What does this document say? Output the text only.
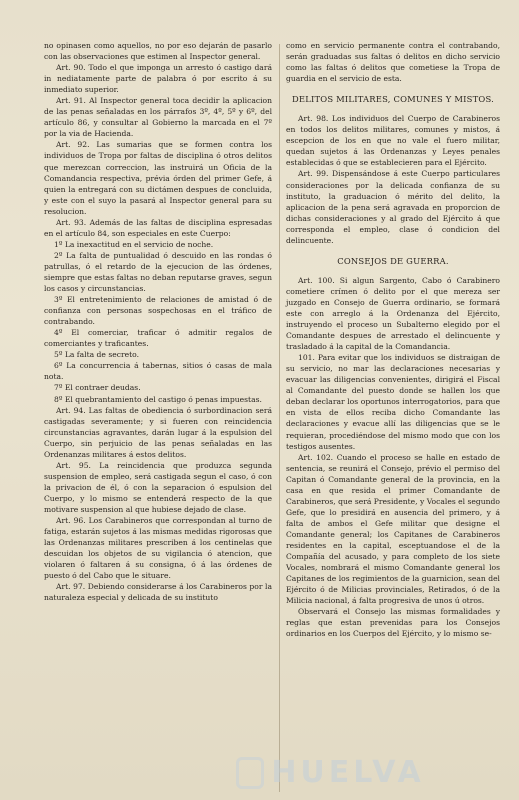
no opinasen como aquellos, no por eso dejarán de pasarlo con las observaciones que estimen al Inspector general.

Art. 90. Todo el que imponga un arresto ó castigo dará in nediatamente parte de palabra ó por escrito á su inmediato superior.

Art. 91. Al Inspector general toca decidir la aplicacion de las penas señaladas en los párrafos 3º, 4º, 5º y 6º, del artículo 86, y consultar al Gobierno la marcada en el 7º por la via de Hacienda.

Art. 92. Las sumarias que se formen contra los individuos de Tropa por faltas de disciplina ó otros delitos que merezcan correccion, las instruirá un Oficia de la Comandancia respectiva, prévia órden del primer Gefe, á quien la entregará con su dictámen despues de concluida, y este con el suyo la pasará al Inspector general para su resolucion.

Art. 93. Además de las faltas de disciplina espresadas en el artículo 84, son especiales en este Cuerpo:

1º La inexactitud en el servicio de noche.

2º La falta de puntualidad ó descuido en las rondas ó patrullas, ó el retardo de la ejecucion de las órdenes, siempre que estas faltas no deban reputarse graves, segun los casos y circunstancias.

3º El entretenimiento de relaciones de amistad ó de confianza con personas sospechosas en el tráfico de contrabando.

4º El comerciar, traficar ó admitir regalos de comerciantes y traficantes.

5º La falta de secreto.

6º La concurrencia á tabernas, sitios ó casas de mala nota.

7º El contraer deudas.

8º El quebrantamiento del castigo ó penas impuestas.

Art. 94. Las faltas de obediencia ó surbordinacion será castigadas severamente; y si fueren con reincidencia circunstancias agravantes, darán lugar á la espulsion del Cuerpo, sin perjuicio de las penas señaladas en las Ordenanzas militares á estos delitos.

Art. 95. La reincidencia que produzca segunda suspension de empleo, será castigada segun el caso, ó con la privacion de él, ó con la separacion ó espulsion del Cuerpo, y lo mismo se entenderá respecto de la que motivare suspension al que hubiese dejado de clase.

Art. 96. Los Carabineros que correspondan al turno de fatiga, estarán sujetos á las mismas medidas rigorosas que las Ordenanzas militares prescriben á los centinelas que descuidan los objetos de su vigilancia ó atencion, que violaren ó faltaren á su consigna, ó á las órdenes de puesto ó del Cabo que le situare.

Art. 97. Debiendo considerarse á los Carabineros por la naturaleza especial y delicada de su instituto

como en servicio permanente contra el contrabando, serán graduadas sus faltas ó delitos en dicho servicio como las faltas ó delitos que cometiese la Tropa de guardia en el servicio de esta.

DELITOS MILITARES, COMUNES Y MISTOS.

Art. 98. Los individuos del Cuerpo de Carabineros en todos los delitos militares, comunes y mistos, á escepcion de los en que no vale el fuero militar, quedan sujetos á las Ordenanzas y Leyes penales establecidas ó que se establecieren para el Ejército.

Art. 99. Dispensándose á este Cuerpo particulares consideraciones por la delicada confianza de su instituto, la graduacion ó mérito del delito, la aplicacion de la pena será agravada en proporcion de dichas consideraciones y al grado del Ejército á que corresponda el empleo, clase ó condicion del delincuente.

CONSEJOS DE GUERRA.

Art. 100. Si algun Sargento, Cabo ó Carabinero cometiere crímen ó delito por el que mereza ser juzgado en Consejo de Guerra ordinario, se formará este con arreglo á la Ordenanza del Ejército, instruyendo el proceso un Subalterno elegido por el Comandante despues de arrestado el delincuente y trasladado á la capital de la Comandancia.

101. Para evitar que los individuos se distraigan de su servicio, no mar las declaraciones necesarias y evacuar las diligencias convenientes, dirigirá el Fiscal al Comandante del puesto donde se hallen los que deban declarar los oportunos interrogatorios, para que en vista de ellos reciba dicho Comandante las declaraciones y evacue allí las diligencias que se le requieran, procediéndose del mismo modo que con los testigos ausentes.

Art. 102. Cuando el proceso se halle en estado de sentencia, se reunirá el Consejo, prévio el permiso del Capitan ó Comandante general de la provincia, en la casa en que resida el primer Comandante de Carabineros, que será Presidente, y Vocales el segundo Gefe, que lo presidirá en ausencia del primero, y á falta de ambos el Gefe militar que designe el Comandante general; los Capitanes de Carabineros residentes en la capital, esceptuandose el de la Compañía del acusado, y para completo de los siete Vocales, nombrará el mismo Comandante general los Capitanes de los regimientos de la guarnicion, sean del Ejército ó de Milicias provinciales, Retirados, ó de la Milicia nacional, á falta progresiva de unos ú otros.

Observará el Consejo las mismas formalidades y reglas que estan prevenidas para los Consejos ordinarios en los Cuerpos del Ejército, y lo mismo se-

HUELVA
